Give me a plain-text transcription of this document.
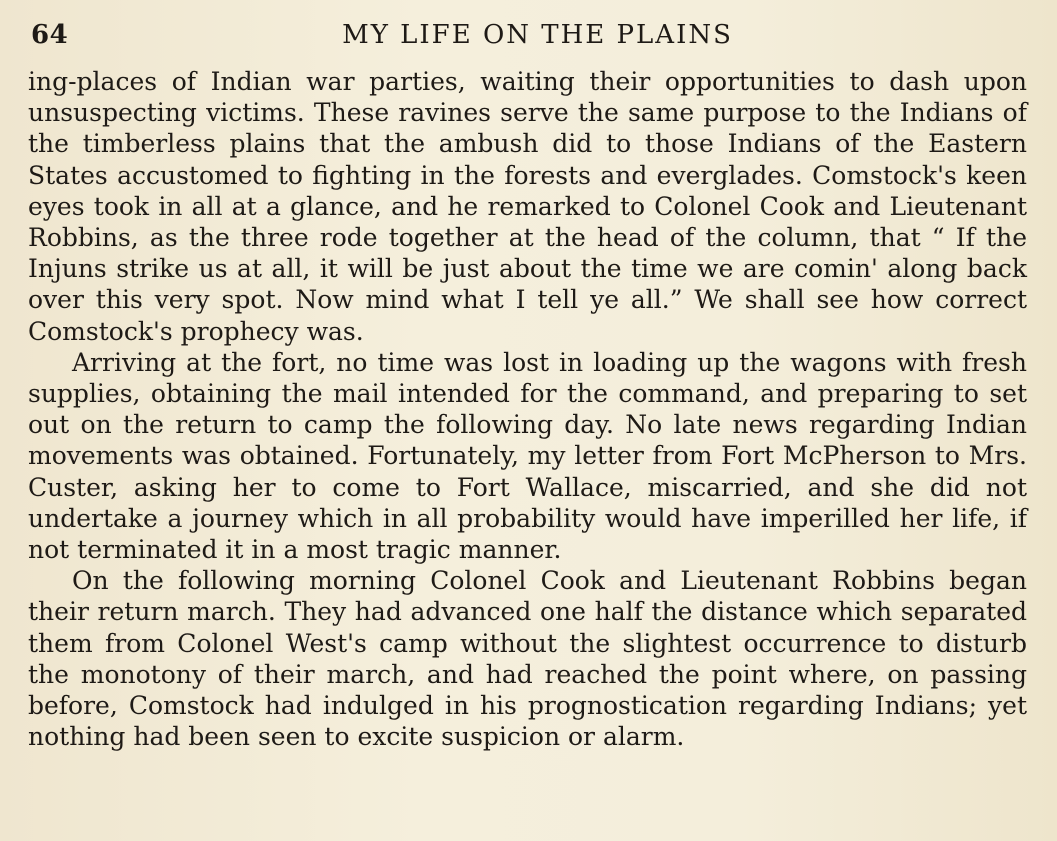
64	MY LIFE ON THE PLAINS

ing-places of Indian war parties, waiting their opportunities to dash upon unsuspecting victims. These ravines serve the same purpose to the Indians of the timberless plains that the ambush did to those Indians of the Eastern States accustomed to fighting in the forests and everglades. Comstock's keen eyes took in all at a glance, and he remarked to Colonel Cook and Lieutenant Robbins, as the three rode together at the head of the column, that “ If the Injuns strike us at all, it will be just about the time we are comin' along back over this very spot. Now mind what I tell ye all.” We shall see how correct Comstock's prophecy was.

Arriving at the fort, no time was lost in loading up the wagons with fresh supplies, obtaining the mail intended for the command, and preparing to set out on the return to camp the following day. No late news regarding Indian movements was obtained. Fortunately, my letter from Fort McPherson to Mrs. Custer, asking her to come to Fort Wallace, miscarried, and she did not undertake a journey which in all probability would have imperilled her life, if not terminated it in a most tragic manner.

On the following morning Colonel Cook and Lieutenant Robbins began their return march. They had advanced one half the distance which separated them from Colonel West's camp without the slightest occurrence to disturb the monotony of their march, and had reached the point where, on passing before, Comstock had indulged in his prognostication regarding Indians; yet nothing had been seen to excite suspicion or alarm.
